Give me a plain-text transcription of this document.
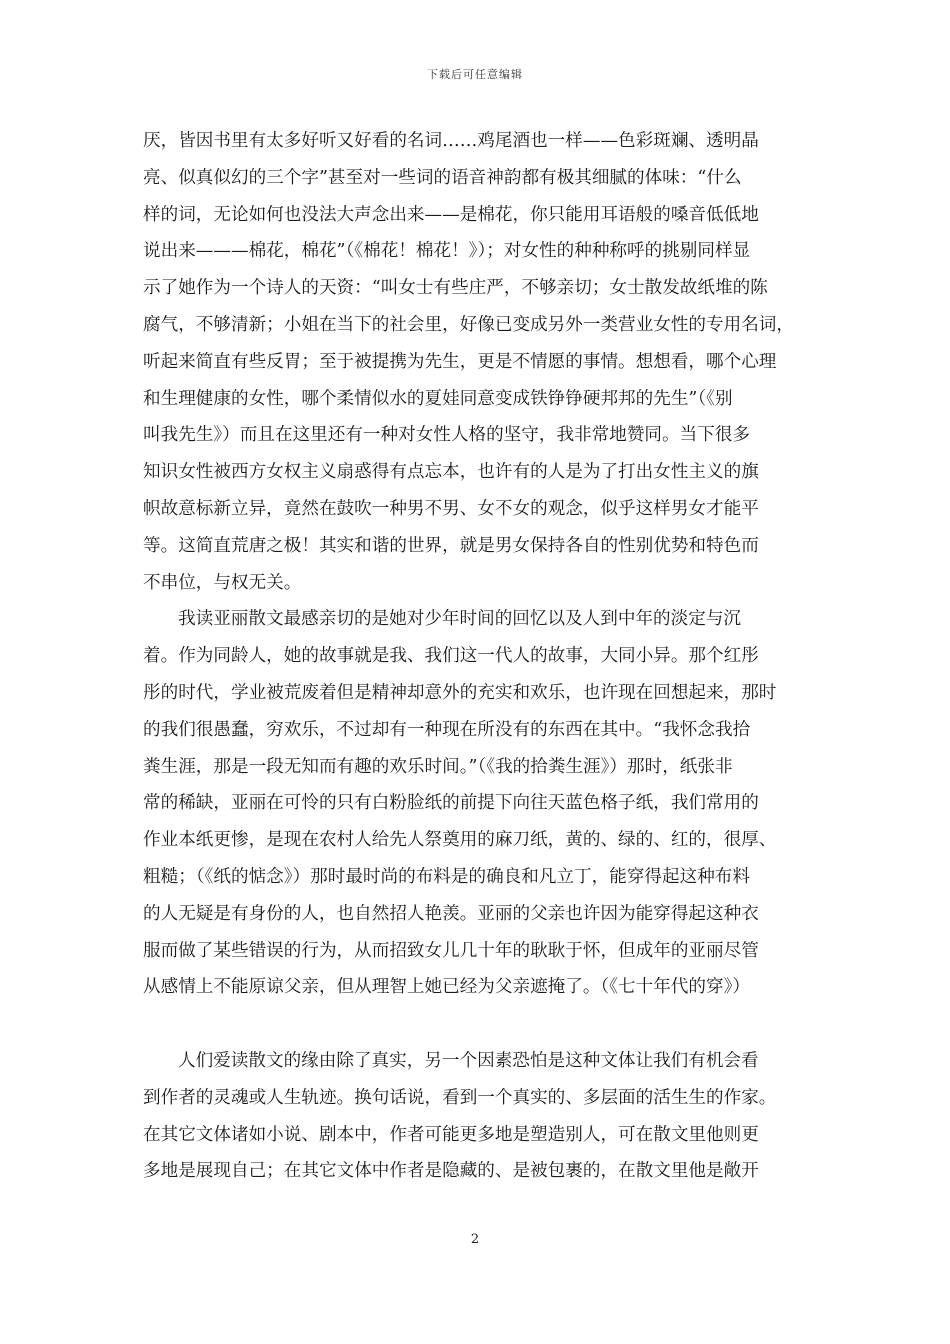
下载后可任意编辑
厌，皆因书里有太多好听又好看的名词……鸡尾酒也一样——色彩斑斓、透明晶
亮、似真似幻的三个字”甚至对一些词的语音神韵都有极其细腻的体味：“什么
样的词，无论如何也没法大声念出来——是棉花，你只能用耳语般的嗓音低低地
说出来———棉花，棉花”（《棉花！棉花！》）；对女性的种种称呼的挑剔同样显
示了她作为一个诗人的天资：“叫女士有些庄严，不够亲切；女士散发故纸堆的陈
腐气，不够清新；小姐在当下的社会里，好像已变成另外一类营业女性的专用名词，
听起来简直有些反胃；至于被提携为先生，更是不情愿的事情。想想看，哪个心理
和生理健康的女性，哪个柔情似水的夏娃同意变成铁铮铮硬邦邦的先生”（《别
叫我先生》）而且在这里还有一种对女性人格的坚守，我非常地赞同。当下很多
知识女性被西方女权主义扇惑得有点忘本，也许有的人是为了打出女性主义的旗
帜故意标新立异，竟然在鼓吹一种男不男、女不女的观念，似乎这样男女才能平
等。这简直荒唐之极！其实和谐的世界，就是男女保持各自的性别优势和特色而
不串位，与权无关。
我读亚丽散文最感亲切的是她对少年时间的回忆以及人到中年的淡定与沉
着。作为同龄人，她的故事就是我、我们这一代人的故事，大同小异。那个红彤
彤的时代，学业被荒废着但是精神却意外的充实和欢乐，也许现在回想起来，那时
的我们很愚蠢，穷欢乐，不过却有一种现在所没有的东西在其中。“我怀念我拾
粪生涯，那是一段无知而有趣的欢乐时间。”（《我的拾粪生涯》）那时，纸张非
常的稀缺，亚丽在可怜的只有白粉脸纸的前提下向往天蓝色格子纸，我们常用的
作业本纸更惨，是现在农村人给先人祭奠用的麻刀纸，黄的、绿的、红的，很厚、
粗糙；（《纸的惦念》）那时最时尚的布料是的确良和凡立丁，能穿得起这种布料
的人无疑是有身份的人，也自然招人艳羡。亚丽的父亲也许因为能穿得起这种衣
服而做了某些错误的行为，从而招致女儿几十年的耿耿于怀，但成年的亚丽尽管
从感情上不能原谅父亲，但从理智上她已经为父亲遮掩了。（《七十年代的穿》）
人们爱读散文的缘由除了真实，另一个因素恐怕是这种文体让我们有机会看
到作者的灵魂或人生轨迹。换句话说，看到一个真实的、多层面的活生生的作家。
在其它文体诸如小说、剧本中，作者可能更多地是塑造别人，可在散文里他则更
多地是展现自己；在其它文体中作者是隐藏的、是被包裹的，在散文里他是敞开
2
